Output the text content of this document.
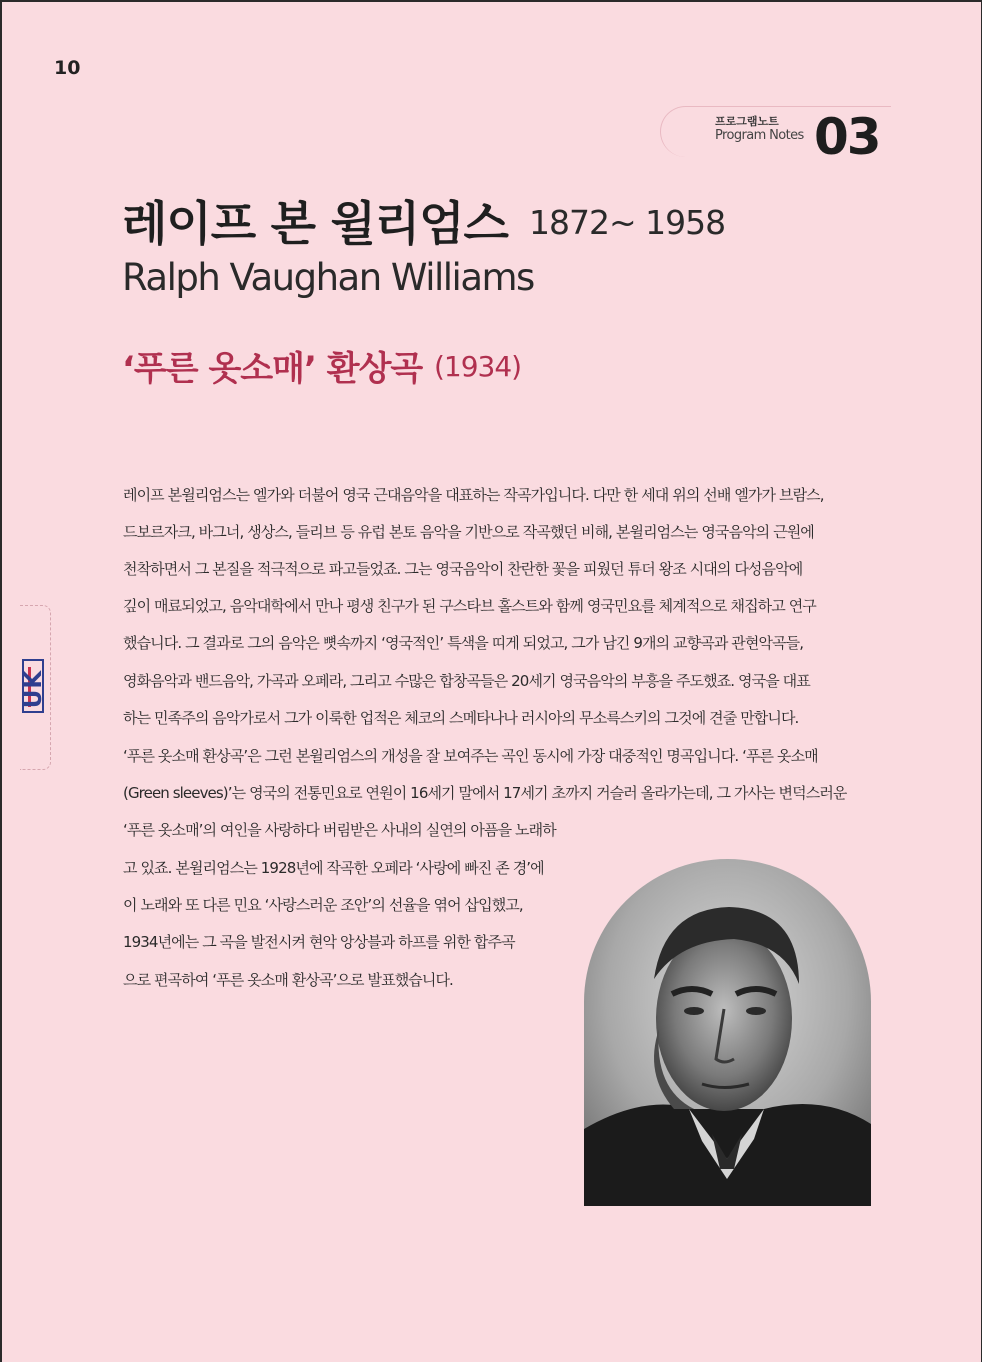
10
프로그램노트
Program Notes 03
레이프 본 윌리엄스 1872~ 1958
Ralph Vaughan Williams
‘푸른 옷소매’ 환상곡 (1934)
UK
레이프 본윌리엄스는 엘가와 더불어 영국 근대음악을 대표하는 작곡가입니다. 다만 한 세대 위의 선배 엘가가 브람스,
드보르자크, 바그너, 생상스, 들리브 등 유럽 본토 음악을 기반으로 작곡했던 비해, 본윌리엄스는 영국음악의 근원에
천착하면서 그 본질을 적극적으로 파고들었죠. 그는 영국음악이 찬란한 꽃을 피웠던 튜더 왕조 시대의 다성음악에
깊이 매료되었고, 음악대학에서 만나 평생 친구가 된 구스타브 홀스트와 함께 영국민요를 체계적으로 채집하고 연구
했습니다. 그 결과로 그의 음악은 뼛속까지 ‘영국적인’ 특색을 띠게 되었고, 그가 남긴 9개의 교향곡과 관현악곡들,
영화음악과 밴드음악, 가곡과 오페라, 그리고 수많은 합창곡들은 20세기 영국음악의 부흥을 주도했죠. 영국을 대표
하는 민족주의 음악가로서 그가 이룩한 업적은 체코의 스메타나나 러시아의 무소륵스키의 그것에 견줄 만합니다.
‘푸른 옷소매 환상곡’은 그런 본윌리엄스의 개성을 잘 보여주는 곡인 동시에 가장 대중적인 명곡입니다. ‘푸른 옷소매
(Green sleeves)’는 영국의 전통민요로 연원이 16세기 말에서 17세기 초까지 거슬러 올라가는데, 그 가사는 변덕스러운
‘푸른 옷소매’의 여인을 사랑하다 버림받은 사내의 실연의 아픔을 노래하
고 있죠. 본윌리엄스는 1928년에 작곡한 오페라 ‘사랑에 빠진 존 경’에
이 노래와 또 다른 민요 ‘사랑스러운 조안’의 선율을 엮어 삽입했고,
1934년에는 그 곡을 발전시켜 현악 앙상블과 하프를 위한 합주곡
으로 편곡하여 ‘푸른 옷소매 환상곡’으로 발표했습니다.
